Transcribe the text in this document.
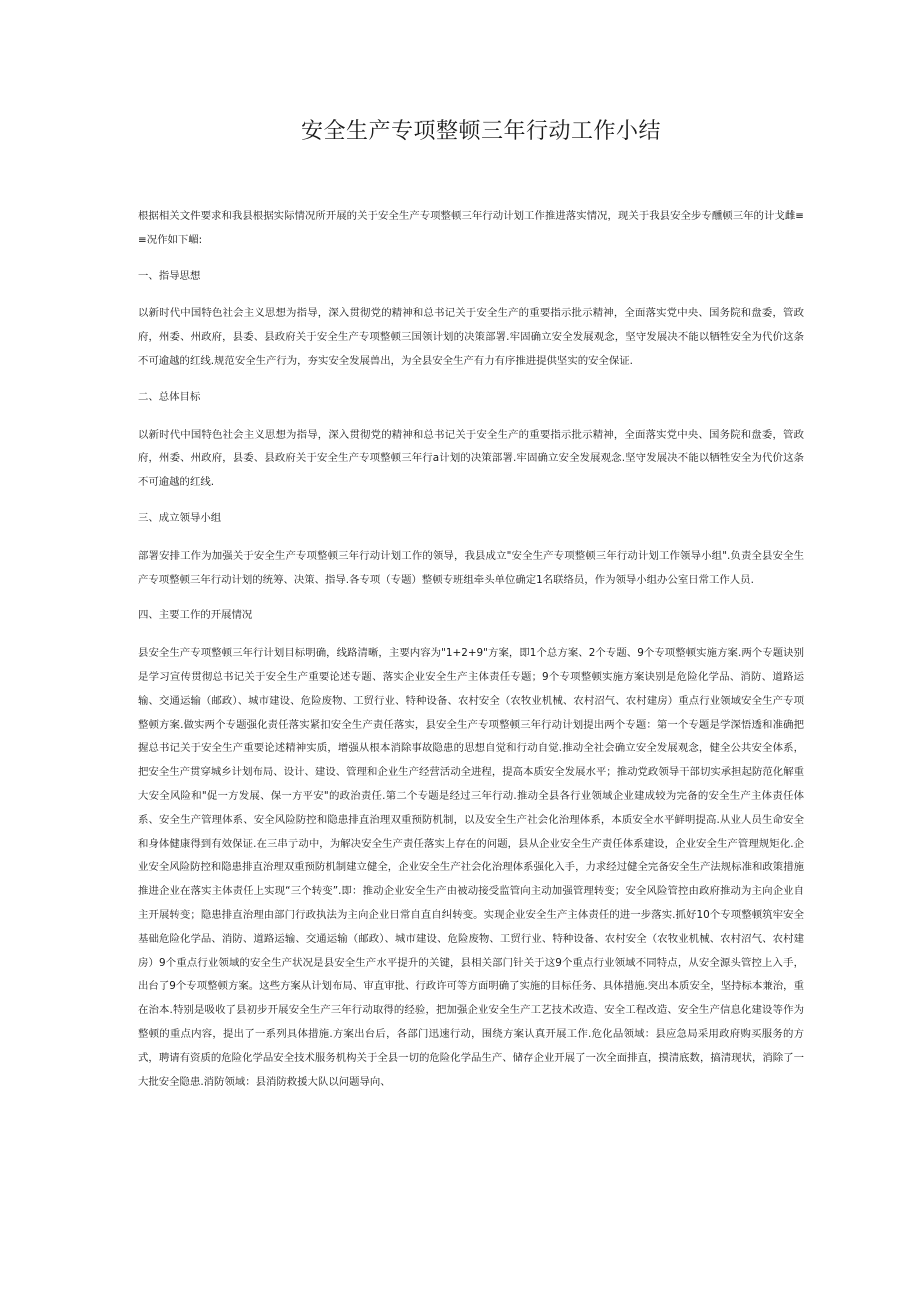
安全生产专项整顿三年行动工作小结

根据相关文件要求和我县根据实际情况所开展的关于安全生产专项整顿三年行动计划工作推进落实情况，现关于我县安全步专醺顿三年的计戈雌≡≡况作如下嵋:

一、指导思想

以新时代中国特色社会主义思想为指导，深入贯彻党的精神和总书记关于安全生产的重要指示批示精神，全面落实党中央、国务院和盘委，管政府，州委、州政府，县委、县政府关于安全生产专项整顿三国领计划的决策部署.牢固确立安全发展观念，坚守发展决不能以牺牲安全为代价这条不可逾越的红线.规范安全生产行为，夯实安全发展兽出，为全县安全生产有力有序推进提供坚实的安全保证.

二、总体目标

以新时代中国特色社会主义思想为指导，深入贯彻党的精神和总书记关于安全生产的重要指示批示精神，全面落实党中央、国务院和盘委，管政府，州委、州政府，县委、县政府关于安全生产专项整顿三年行a计划的决策部署.牢固确立安全发展观念.坚守发展决不能以牺牲安全为代价这条不可逾越的红线.

三、成立领导小组

部署安排工作为加强关于安全生产专项整顿三年行动计划工作的领导，我县成立"安全生产专项整顿三年行动计划工作领导小组".负责全县安全生产专项整顿三年行动计划的统筹、决策、指导.各专项（专题）整顿专班组牵头单位确定1名联络员，作为领导小组办公室日常工作人员.

四、主要工作的开展情况

县安全生产专项整顿三年行计划目标明确，线路清晰，主要内容为"1+2+9"方案，即1个总方案、2个专题、9个专项整顿实施方案.两个专题诀别是学习宣传贯彻总书记关于安全生产重要论述专题、落实企业安全生产主体责任专题；9个专项整顿实施方案诀别是危险化学品、消防、道路运输、交通运输（邮政）、城市建设、危险废物、工贸行业、特种设备、农村安全（农牧业机械、农村沼气、农村建房）重点行业领域安全生产专项整顿方案.做实两个专题强化责任落实紧扣安全生产责任落实，县安全生产专项整顿三年行动计划提出两个专题：第一个专题是学深悟透和准确把握总书记关于安全生产重要论述精神实质，增强从根本消除事故隐患的思想自觉和行动自觉.推动全社会确立安全发展观念，健全公共安全体系，把安全生产贯穿城乡计划布局、设计、建设、管理和企业生产经营活动全进程，提高本质安全发展水平；推动党政领导干部切实承担起防范化解重大安全风险和"促一方发展、保一方平安"的政治责任.第二个专题是经过三年行动.推动全县各行业领域企业建成较为完备的安全生产主体责任体系、安全生产管理体系、安全风险防控和隐患排直治理双重预防机制，以及安全生产社会化治理体系，本质安全水平鲜明提高.从业人员生命安全和身体健康得到有效保证.在三串亍动中，为解决安全生产责任落实上存在的问题，县从企业安全生产责任体系建设，企业安全生产管理规矩化.企业安全风险防控和隐患排直治理双重预防机制建立健全，企业安全生产社会化治理体系强化入手，力求经过健全完备安全生产法规标准和政策措施推进企业在落实主体责任上实现“三个转变”.即：推动企业安全生产由被动接受监管向主动加强管理转变；安全风险管控由政府推动为主向企业自主开展转变；隐患排直治理由部门行政执法为主向企业日常自直自纠转变。实现企业安全生产主体责任的进一步落实.抓好10个专项整顿筑牢安全基础危险化学品、消防、道路运输、交通运输（邮政）、城市建设、危险废物、工贸行业、特种设备、农村安全（农牧业机械、农村沼气、农村建房）9个重点行业领域的安全生产状况是县安全生产水平提升的关键，县相关部门针关于这9个重点行业领域不同特点，从安全源头管控上入手，出台了9个专项整顿方案。这些方案从计划布局、审直审批、行政许可等方面明确了实施的目标任务、具体措施.突出本质安全，坚持标本兼治，重在治本.特别是吸收了县初步开展安全生产三年行动取得的经验，把加强企业安全生产工艺技术改造、安全工程改造、安全生产信息化建设等作为整顿的重点内容，提出了一系列具体措施.方案出台后，各部门迅速行动，围绕方案认真开展工作.危化品领域：县应急局采用政府购买服务的方式，聘请有资质的危险化学品安全技术服务机构关于全县一切的危险化学品生产、储存企业开展了一次全面排直，摸清底数，搞清现状，消除了一大批安全隐患.消防领域：县消防救援大队以问题导向、
